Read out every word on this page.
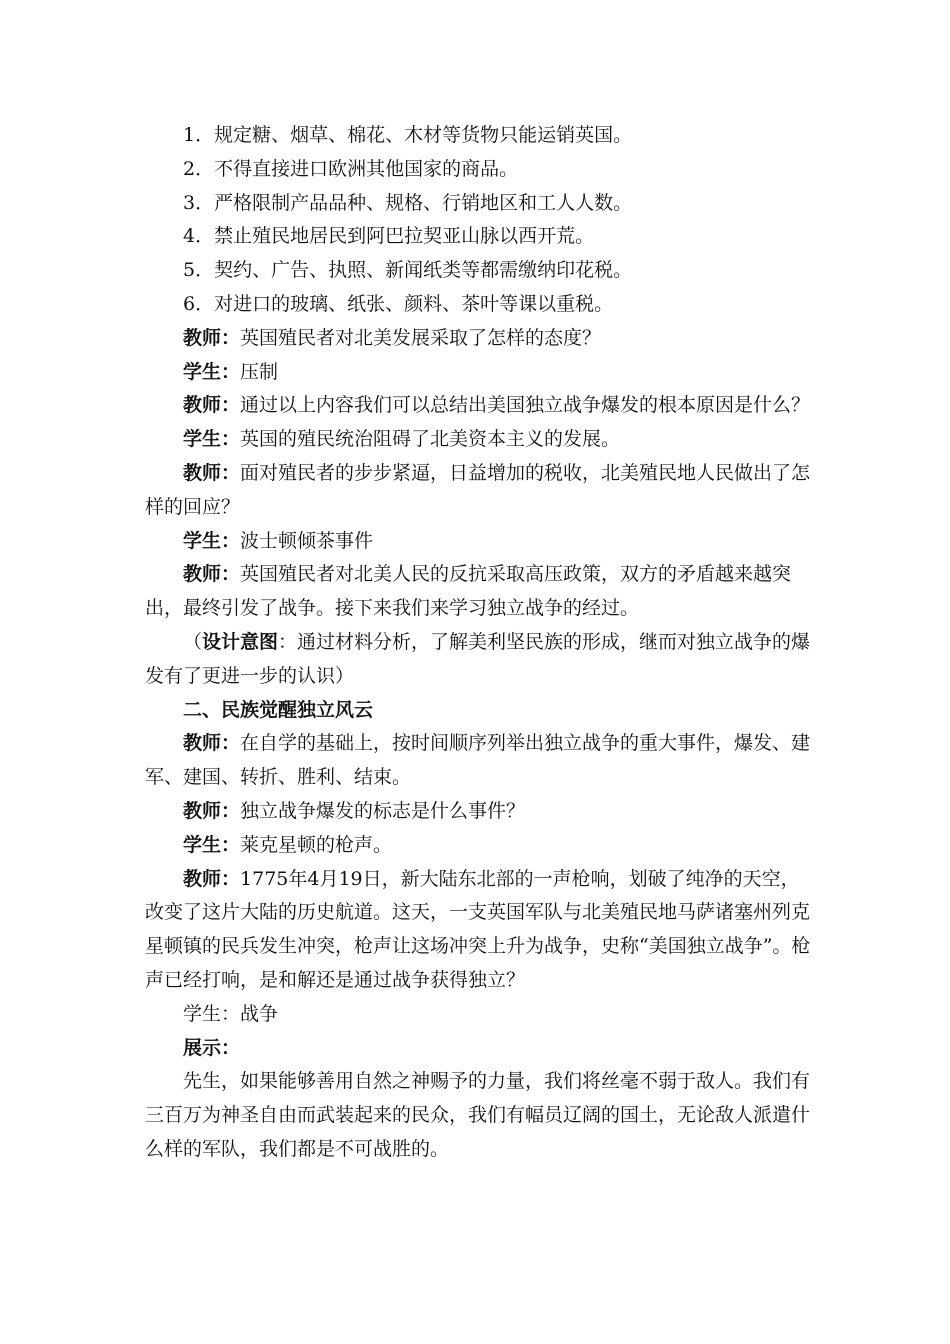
1．规定糖、烟草、棉花、木材等货物只能运销英国。

2．不得直接进口欧洲其他国家的商品。

3．严格限制产品品种、规格、行销地区和工人人数。

4．禁止殖民地居民到阿巴拉契亚山脉以西开荒。

5．契约、广告、执照、新闻纸类等都需缴纳印花税。

6．对进口的玻璃、纸张、颜料、茶叶等课以重税。

教师：英国殖民者对北美发展采取了怎样的态度？

学生：压制

教师：通过以上内容我们可以总结出美国独立战争爆发的根本原因是什么？

学生：英国的殖民统治阻碍了北美资本主义的发展。

教师：面对殖民者的步步紧逼，日益增加的税收，北美殖民地人民做出了怎样的回应？

学生：波士顿倾茶事件

教师：英国殖民者对北美人民的反抗采取高压政策，双方的矛盾越来越突出，最终引发了战争。接下来我们来学习独立战争的经过。

（设计意图：通过材料分析，了解美利坚民族的形成，继而对独立战争的爆发有了更进一步的认识）

二、民族觉醒独立风云

教师：在自学的基础上，按时间顺序列举出独立战争的重大事件，爆发、建军、建国、转折、胜利、结束。

教师：独立战争爆发的标志是什么事件？

学生：莱克星顿的枪声。

教师：1775年4月19日，新大陆东北部的一声枪响，划破了纯净的天空，改变了这片大陆的历史航道。这天，一支英国军队与北美殖民地马萨诸塞州列克星顿镇的民兵发生冲突，枪声让这场冲突上升为战争，史称“美国独立战争”。枪声已经打响，是和解还是通过战争获得独立？

学生：战争

展示：

先生，如果能够善用自然之神赐予的力量，我们将丝毫不弱于敌人。我们有三百万为神圣自由而武装起来的民众，我们有幅员辽阔的国土，无论敌人派遣什么样的军队，我们都是不可战胜的。
